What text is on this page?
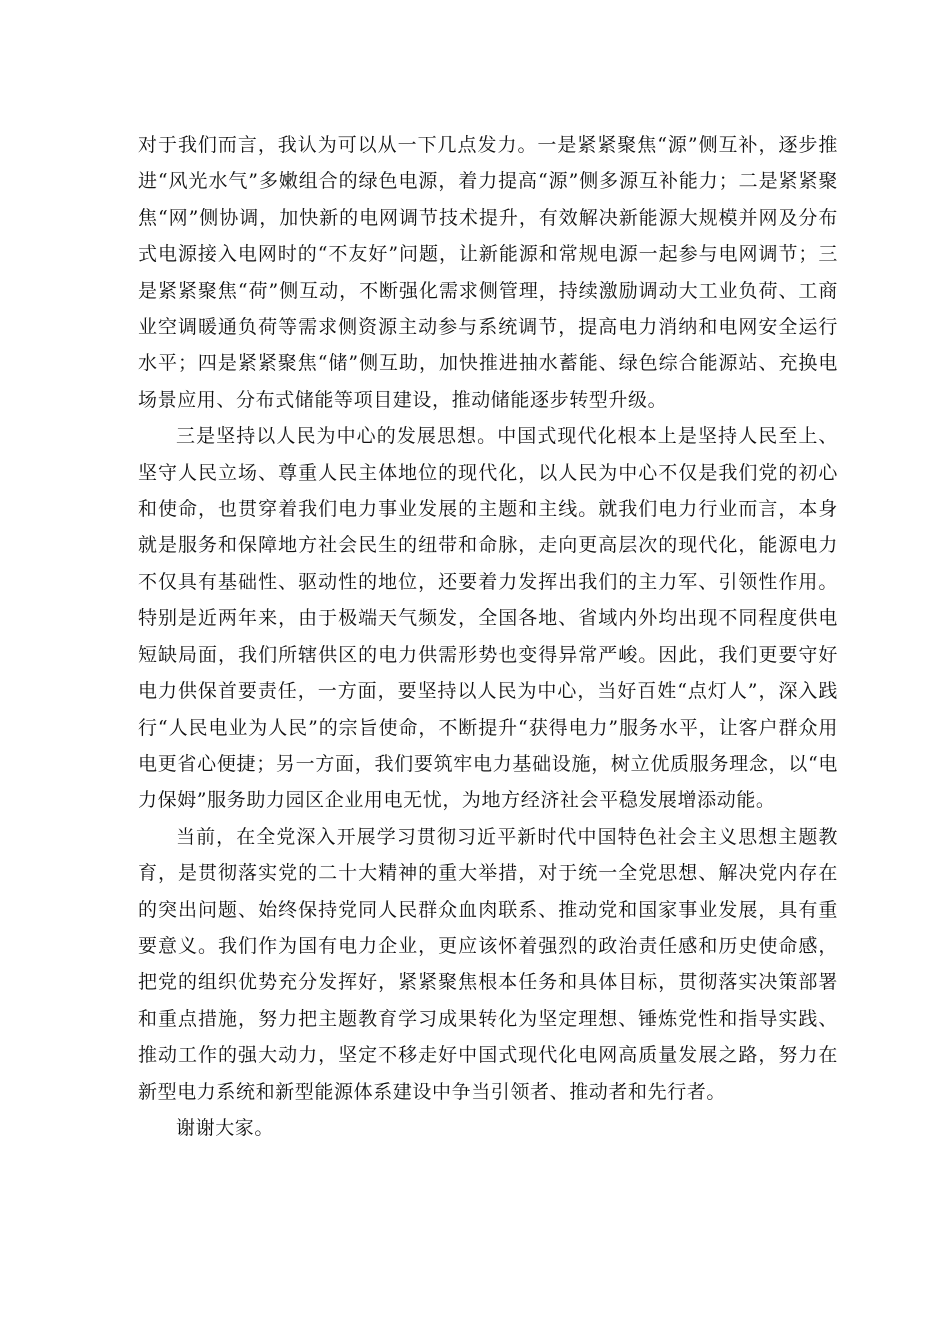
对于我们而言，我认为可以从一下几点发力。一是紧紧聚焦“源”侧互补，逐步推进“风光水气”多嫩组合的绿色电源，着力提高“源”侧多源互补能力；二是紧紧聚焦“网”侧协调，加快新的电网调节技术提升，有效解决新能源大规模并网及分布式电源接入电网时的“不友好”问题，让新能源和常规电源一起参与电网调节；三是紧紧聚焦“荷”侧互动，不断强化需求侧管理，持续激励调动大工业负荷、工商业空调暖通负荷等需求侧资源主动参与系统调节，提高电力消纳和电网安全运行水平；四是紧紧聚焦“储”侧互助，加快推进抽水蓄能、绿色综合能源站、充换电场景应用、分布式储能等项目建设，推动储能逐步转型升级。

三是坚持以人民为中心的发展思想。中国式现代化根本上是坚持人民至上、坚守人民立场、尊重人民主体地位的现代化，以人民为中心不仅是我们党的初心和使命，也贯穿着我们电力事业发展的主题和主线。就我们电力行业而言，本身就是服务和保障地方社会民生的纽带和命脉，走向更高层次的现代化，能源电力不仅具有基础性、驱动性的地位，还要着力发挥出我们的主力军、引领性作用。特别是近两年来，由于极端天气频发，全国各地、省域内外均出现不同程度供电短缺局面，我们所辖供区的电力供需形势也变得异常严峻。因此，我们更要守好电力供保首要责任，一方面，要坚持以人民为中心，当好百姓“点灯人”，深入践行“人民电业为人民”的宗旨使命，不断提升“获得电力”服务水平，让客户群众用电更省心便捷；另一方面，我们要筑牢电力基础设施，树立优质服务理念，以“电力保姆”服务助力园区企业用电无忧，为地方经济社会平稳发展增添动能。

当前，在全党深入开展学习贯彻习近平新时代中国特色社会主义思想主题教育，是贯彻落实党的二十大精神的重大举措，对于统一全党思想、解决党内存在的突出问题、始终保持党同人民群众血肉联系、推动党和国家事业发展，具有重要意义。我们作为国有电力企业，更应该怀着强烈的政治责任感和历史使命感，把党的组织优势充分发挥好，紧紧聚焦根本任务和具体目标，贯彻落实决策部署和重点措施，努力把主题教育学习成果转化为坚定理想、锤炼党性和指导实践、推动工作的强大动力，坚定不移走好中国式现代化电网高质量发展之路，努力在新型电力系统和新型能源体系建设中争当引领者、推动者和先行者。

谢谢大家。
